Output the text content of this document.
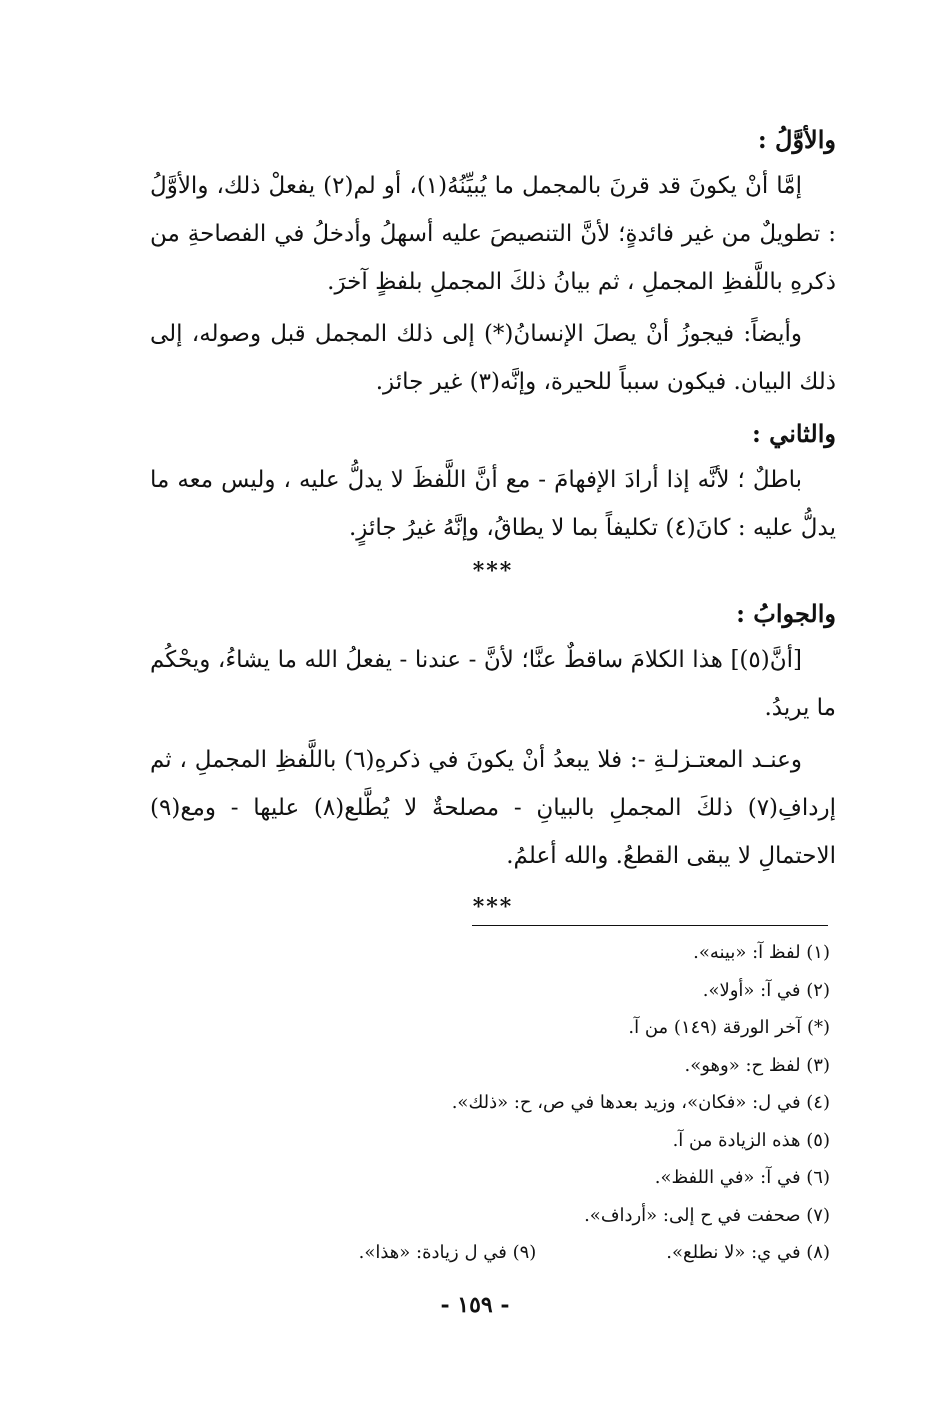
والأوَّلُ :

إمَّا أنْ يكونَ قد قرنَ بالمجمل ما يُبيِّنُهُ(١)، أو لم(٢) يفعلْ ذلك، والأوَّلُ : تطويلٌ من غير فائدةٍ؛ لأنَّ التنصيصَ عليه أسهلُ وأدخلُ في الفصاحةِ من ذكرهِ باللَّفظِ المجملِ ، ثم بيانُ ذلكَ المجملِ بلفظٍ آخرَ.

وأيضاً: فيجوزُ أنْ يصلَ الإنسانُ(*) إلى ذلك المجمل قبل وصوله، إلى ذلك البيان. فيكون سبباً للحيرة، وإنَّه(٣) غير جائز.

والثاني :

باطلٌ ؛ لأنَّه إذا أرادَ الإفهامَ - مع أنَّ اللَّفظَ لا يدلُّ عليه ، وليس معه ما يدلُّ عليه : كانَ(٤) تكليفاً بما لا يطاقُ، وإنَّهُ غيرُ جائزٍ.

***
والجوابُ :

[أنَّ(٥)] هذا الكلامَ ساقطٌ عنَّا؛ لأنَّ - عندنا - يفعلُ الله ما يشاءُ، ويحْكُم ما يريدُ.

وعنـد المعتـزلـةِ -: فلا يبعدُ أنْ يكونَ في ذكرهِ(٦) باللَّفظِ المجملِ ، ثم إردافِ(٧) ذلكَ المجملِ بالبيانِ - مصلحةٌ لا يُطَّلع(٨) عليها - ومع(٩) الاحتمالِ لا يبقى القطعُ. والله أعلمُ.

***

(١) لفظ آ: «بينه».

(٢) في آ: «أولا».

(*) آخر الورقة (١٤٩) من آ.

(٣) لفظ ح: «وهو».

(٤) في ل: «فكان»، وزيد بعدها في ص، ح: «ذلك».

(٥) هذه الزيادة من آ.

(٦) في آ: «في اللفظ».

(٧) صحفت في ح إلى: «أرداف».

(٨) في ي: «لا نطلع».

(٩) في ل زيادة: «هذا».

- ١٥٩ -
